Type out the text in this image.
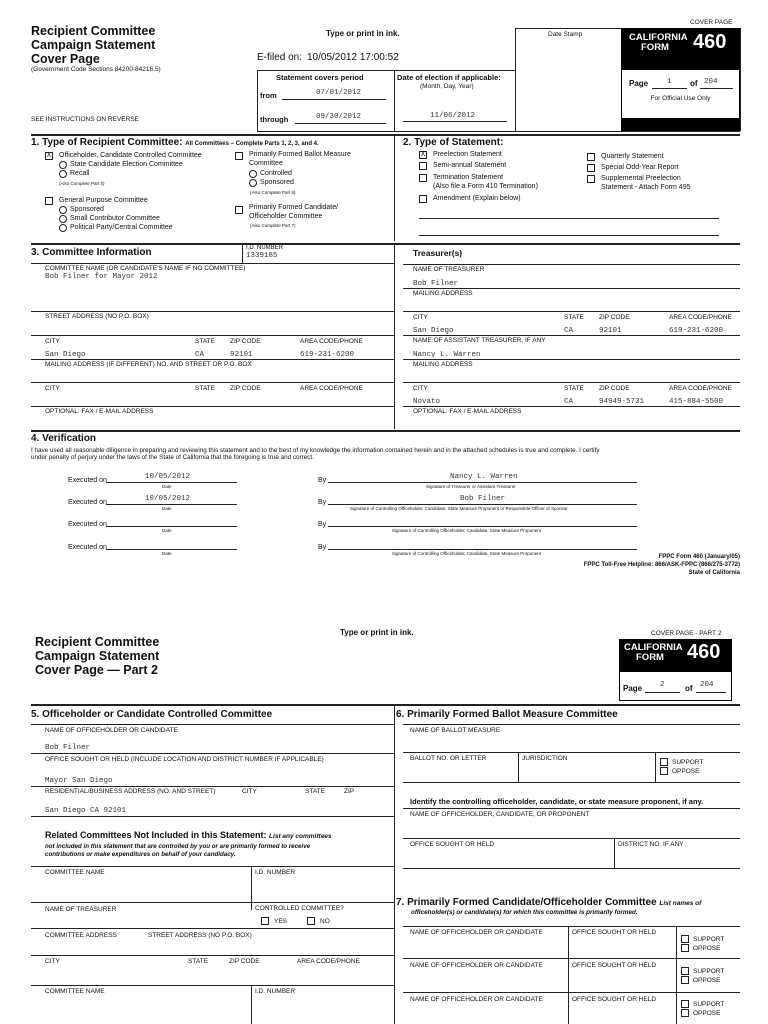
Recipient Committee
Campaign Statement
Cover Page
(Government Code Sections 84200-84216.5)
Type or print in ink.
E-filed on: 10/05/2012 17:00:52
COVER PAGE
Date Stamp	CALIFORNIA
FORM	460
Page	1 of 204
For Official Use Only
Statement covers period
from	07/01/2012
through	09/30/2012
Date of election if applicable:
(Month, Day, Year)
11/06/2012
SEE INSTRUCTIONS ON REVERSE
1. Type of Recipient Committee: All Committees – Complete Parts 1, 2, 3, and 4.
X Officeholder, Candidate Controlled Committee
State Candidate Election Committee
Recall
(Also Complete Part 5)
General Purpose Committee
Sponsored
Small Contributor Committee
Political Party/Central Committee
Primarily Formed Ballot Measure
Committee
Controlled
Sponsored
(Also Complete Part 6)
Primarily Formed Candidate/
Officeholder Committee
(Also Complete Part 7)
2. Type of Statement:
X Preelection Statement
Semi-annual Statement
Termination Statement
(Also file a Form 410 Termination)
Amendment (Explain below)
Quarterly Statement
Special Odd-Year Report
Supplemental Preelection
Statement - Attach Form 495
3. Committee Information	I.D. NUMBER
1339185
COMMITTEE NAME (OR CANDIDATE'S NAME IF NO COMMITTEE)
Bob Filner for Mayor 2012
STREET ADDRESS (NO P.O. BOX)
CITY	STATE ZIP CODE	AREA CODE/PHONE
San Diego	CA	92101	619-231-6200
MAILING ADDRESS (IF DIFFERENT) NO. AND STREET OR P.O. BOX
CITY	STATE ZIP CODE	AREA CODE/PHONE
OPTIONAL: FAX / E-MAIL ADDRESS
Treasurer(s)
NAME OF TREASURER
Bob Filner
MAILING ADDRESS
CITY	STATE ZIP CODE	AREA CODE/PHONE
San Diego	CA	92101	619-231-6200
NAME OF ASSISTANT TREASURER, IF ANY
Nancy L. Warren
MAILING ADDRESS
CITY	STATE ZIP CODE	AREA CODE/PHONE
Novato	CA	94949-5731	415-884-5500
OPTIONAL: FAX / E-MAIL ADDRESS
4. Verification
I have used all reasonable diligence in preparing and reviewing this statement and to the best of my knowledge the information contained herein and in the attached schedules is true and complete. I certify
under penalty of perjury under the laws of the State of California that the foregoing is true and correct.
Executed on	10/05/2012
Date
By	Nancy L. Warren
Signature of Treasurer or Assistant Treasurer
Executed on	10/05/2012
Date
By	Bob Filner
Signature of Controlling Officeholder, Candidate, State Measure Proponent or Responsible Officer of Sponsor
Executed on
Date
By
Signature of Controlling Officeholder, Candidate, State Measure Proponent
Executed on
Date
By
Signature of Controlling Officeholder, Candidate, State Measure Proponent
FPPC Form 460 (January/05)
FPPC Toll-Free Helpline: 866/ASK-FPPC (866/275-3772)
State of California
Recipient Committee
Campaign Statement
Cover Page — Part 2
Type or print in ink.	COVER PAGE - PART 2
CALIFORNIA
FORM	460
Page 2	of 204
5. Officeholder or Candidate Controlled Committee
NAME OF OFFICEHOLDER OR CANDIDATE
Bob Filner
OFFICE SOUGHT OR HELD (INCLUDE LOCATION AND DISTRICT NUMBER IF APPLICABLE)
Mayor San Diego
RESIDENTIAL/BUSINESS ADDRESS (NO. AND STREET)	CITY	STATE	ZIP
San Diego CA 92101
Related Committees Not Included in this Statement: List any committees
not included in this statement that are controlled by you or are primarily formed to receive
contributions or make expenditures on behalf of your candidacy.
COMMITTEE NAME	I.D. NUMBER
NAME OF TREASURER	CONTROLLED COMMITTEE?
YES	NO
COMMITTEE ADDRESS	STREET ADDRESS (NO P.O. BOX)
CITY	STATE	ZIP CODE	AREA CODE/PHONE
COMMITTEE NAME	I.D. NUMBER
6. Primarily Formed Ballot Measure Committee
NAME OF BALLOT MEASURE
BALLOT NO. OR LETTER	JURISDICTION
SUPPORT
OPPOSE
Identify the controlling officeholder, candidate, or state measure proponent, if any.
NAME OF OFFICEHOLDER, CANDIDATE, OR PROPONENT
OFFICE SOUGHT OR HELD	DISTRICT NO. IF ANY
7. Primarily Formed Candidate/Officeholder Committee List names of
officeholder(s) or candidate(s) for which this committee is primarily formed.
NAME OF OFFICEHOLDER OR CANDIDATE	OFFICE SOUGHT OR HELD
SUPPORT
OPPOSE
NAME OF OFFICEHOLDER OR CANDIDATE	OFFICE SOUGHT OR HELD
SUPPORT
OPPOSE
NAME OF OFFICEHOLDER OR CANDIDATE	OFFICE SOUGHT OR HELD
SUPPORT
OPPOSE
